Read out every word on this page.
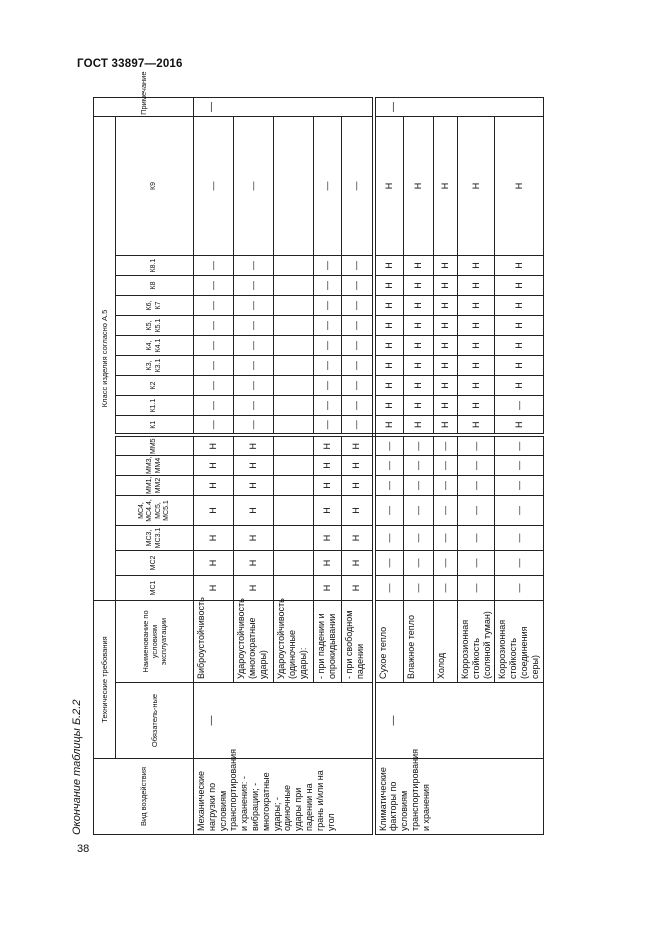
ГОСТ 33897—2016
Окончание таблицы Б.2.2	Вид воздействия	Технические требования		Класс изделия согласно А.5																	Примечание
	Обязатель-ные	Наименование по условиям эксплуатации	МС1	МС2	МС3, МС3.1	МС4, МС4.4, МС5, МС5.1	ММ1, ММ2	ММ3, ММ4	ММ5	К1	К1.1	К2	К3, К3.1	К4, К4.1	К5, К5.1	К6, К7	К8	К8.1	К9	
Механические нагрузки по условиям транспортирования и хранения: - вибрации; - многократные удары; - одиночные удары при падении на грань и/или на угол	—	Виброустойчивость	Н	Н	Н	Н	Н	Н	Н	—	—	—	—	—	—	—	—	—	—	—
		Удароустойчивость (многократные удары)	Н	Н	Н	Н	Н	Н	Н	—	—	—	—	—	—	—	—	—	—	
		Удароустойчивость (одиночные удары):																		
		- при падении и опрокидывании	Н	Н	Н	Н	Н	Н	Н	—	—	—	—	—	—	—	—	—	—	
		- при свободном падении	Н	Н	Н	Н	Н	Н	Н	—	—	—	—	—	—	—	—	—	—	
Климатические факторы по условиям транспортирования и хранения	—	Сухое тепло	—	—	—	—	—	—	—	Н	Н	Н	Н	Н	Н	Н	Н	Н	Н	—
		Влажное тепло	—	—	—	—	—	—	—	Н	Н	Н	Н	Н	Н	Н	Н	Н	Н	
		Холод	—	—	—	—	—	—	—	Н	Н	Н	Н	Н	Н	Н	Н	Н	Н	
		Коррозионная стойкость (соляной туман)	—	—	—	—	—	—	—	Н	Н	Н	Н	Н	Н	Н	Н	Н	Н	
		Коррозионная стойкость (соединения серы)	—	—	—	—	—	—	—	Н	—	Н	Н	Н	Н	Н	Н	Н	Н	
38
